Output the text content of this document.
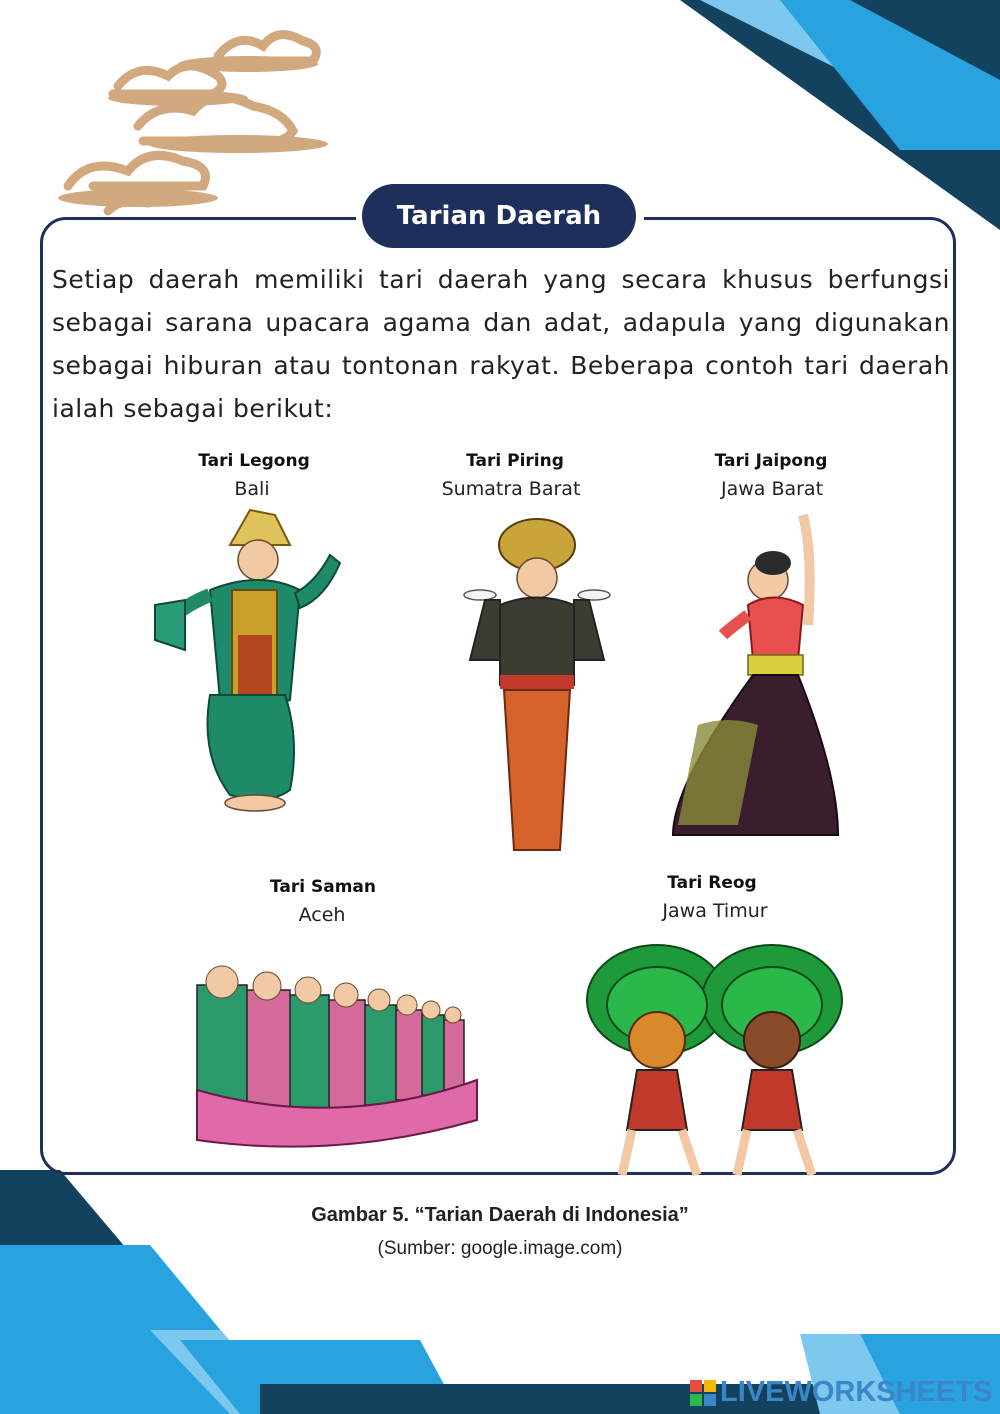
Tarian Daerah
Setiap daerah memiliki tari daerah yang secara khusus berfungsi sebagai sarana upacara agama dan adat, adapula yang digunakan sebagai hiburan atau tontonan rakyat. Beberapa contoh tari daerah ialah sebagai berikut:
Tari Legong
Bali
Tari Piring
Sumatra Barat
Tari Jaipong
Jawa Barat
Tari Saman
Aceh
Tari Reog
Jawa Timur
Gambar 5. “Tarian Daerah di Indonesia”
(Sumber: google.image.com)
LIVEWORKSHEETS
